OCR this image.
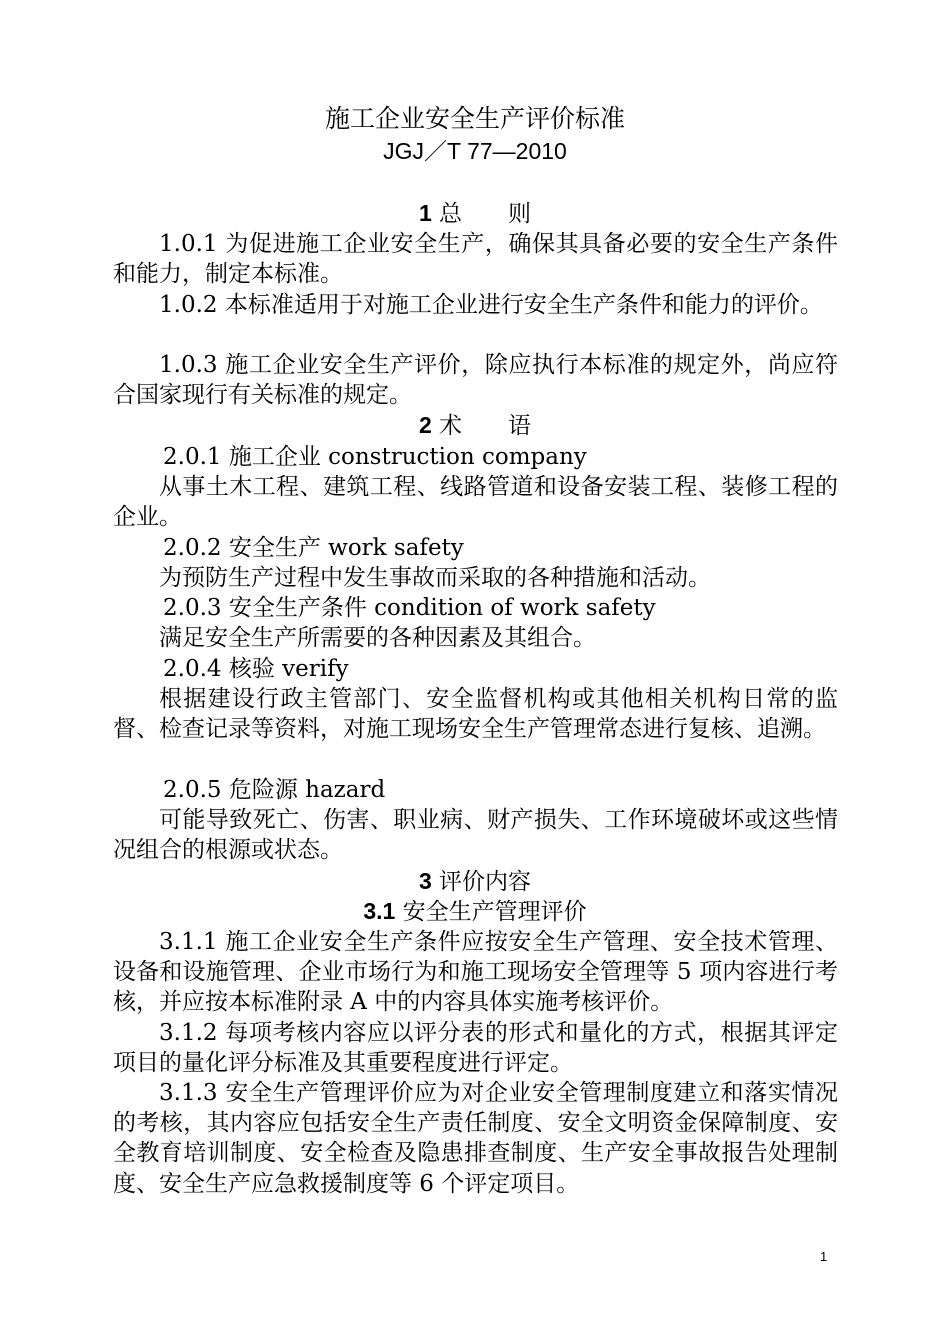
施工企业安全生产评价标准
JGJ／T 77—2010
1 总　　则
1.0.1 为促进施工企业安全生产，确保其具备必要的安全生产条件和能力，制定本标准。
1.0.2 本标准适用于对施工企业进行安全生产条件和能力的评价。
1.0.3 施工企业安全生产评价，除应执行本标准的规定外，尚应符合国家现行有关标准的规定。
2 术　　语
2.0.1 施工企业 construction company
从事土木工程、建筑工程、线路管道和设备安装工程、装修工程的企业。
2.0.2 安全生产 work safety
为预防生产过程中发生事故而采取的各种措施和活动。
2.0.3 安全生产条件 condition of work safety
满足安全生产所需要的各种因素及其组合。
2.0.4 核验 verify
根据建设行政主管部门、安全监督机构或其他相关机构日常的监督、检查记录等资料，对施工现场安全生产管理常态进行复核、追溯。
2.0.5 危险源 hazard
可能导致死亡、伤害、职业病、财产损失、工作环境破坏或这些情况组合的根源或状态。
3 评价内容
3.1 安全生产管理评价
3.1.1 施工企业安全生产条件应按安全生产管理、安全技术管理、设备和设施管理、企业市场行为和施工现场安全管理等 5 项内容进行考核，并应按本标准附录 A 中的内容具体实施考核评价。
3.1.2 每项考核内容应以评分表的形式和量化的方式，根据其评定项目的量化评分标准及其重要程度进行评定。
3.1.3 安全生产管理评价应为对企业安全管理制度建立和落实情况的考核，其内容应包括安全生产责任制度、安全文明资金保障制度、安全教育培训制度、安全检查及隐患排查制度、生产安全事故报告处理制度、安全生产应急救援制度等 6 个评定项目。
1
